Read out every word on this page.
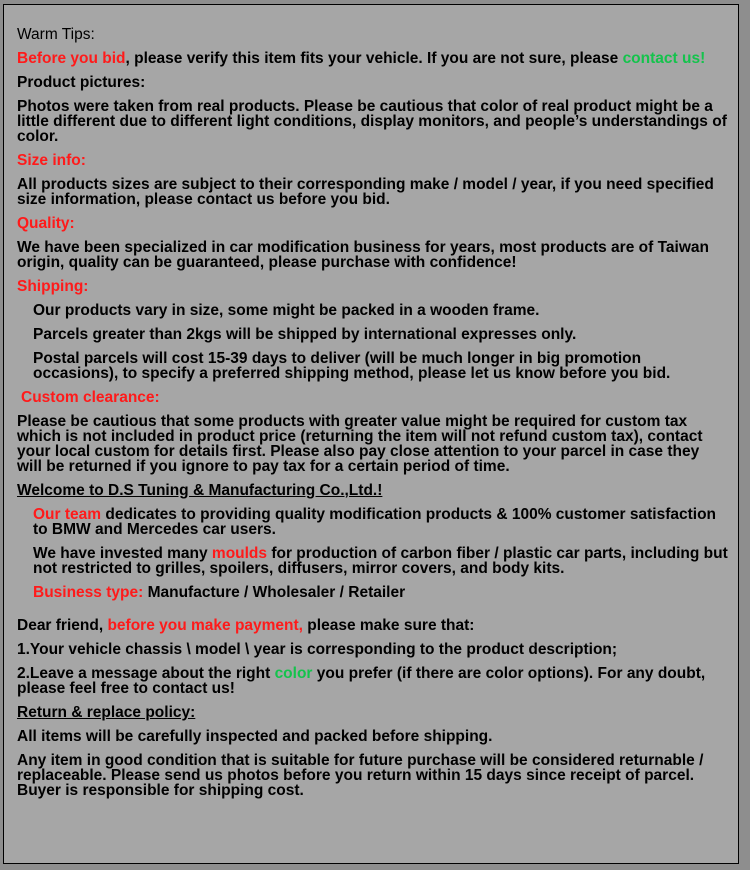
Warm Tips:
Before you bid, please verify this item fits your vehicle. If you are not sure, please contact us!
Product pictures:
Photos were taken from real products. Please be cautious that color of real product might be a little different due to different light conditions, display monitors, and people’s understandings of color.
Size info:
All products sizes are subject to their corresponding make / model / year, if you need specified size information, please contact us before you bid.
Quality:
We have been specialized in car modification business for years, most products are of Taiwan origin, quality can be guaranteed, please purchase with confidence!
Shipping:
Our products vary in size, some might be packed in a wooden frame.
Parcels greater than 2kgs will be shipped by international expresses only.
Postal parcels will cost 15-39 days to deliver (will be much longer in big promotion occasions), to specify a preferred shipping method, please let us know before you bid.
Custom clearance:
Please be cautious that some products with greater value might be required for custom tax which is not included in product price (returning the item will not refund custom tax), contact your local custom for details first. Please also pay close attention to your parcel in case they will be returned if you ignore to pay tax for a certain period of time.
Welcome to D.S Tuning & Manufacturing Co.,Ltd.!
Our team dedicates to providing quality modification products & 100% customer satisfaction to BMW and Mercedes car users.
We have invested many moulds for production of carbon fiber / plastic car parts, including but not restricted to grilles, spoilers, diffusers, mirror covers, and body kits.
Business type: Manufacture / Wholesaler / Retailer
Dear friend, before you make payment, please make sure that:
1.Your vehicle chassis \ model \ year is corresponding to the product description;
2.Leave a message about the right color you prefer (if there are color options). For any doubt, please feel free to contact us!
Return & replace policy:
All items will be carefully inspected and packed before shipping.
Any item in good condition that is suitable for future purchase will be considered returnable / replaceable. Please send us photos before you return within 15 days since receipt of parcel. Buyer is responsible for shipping cost.
